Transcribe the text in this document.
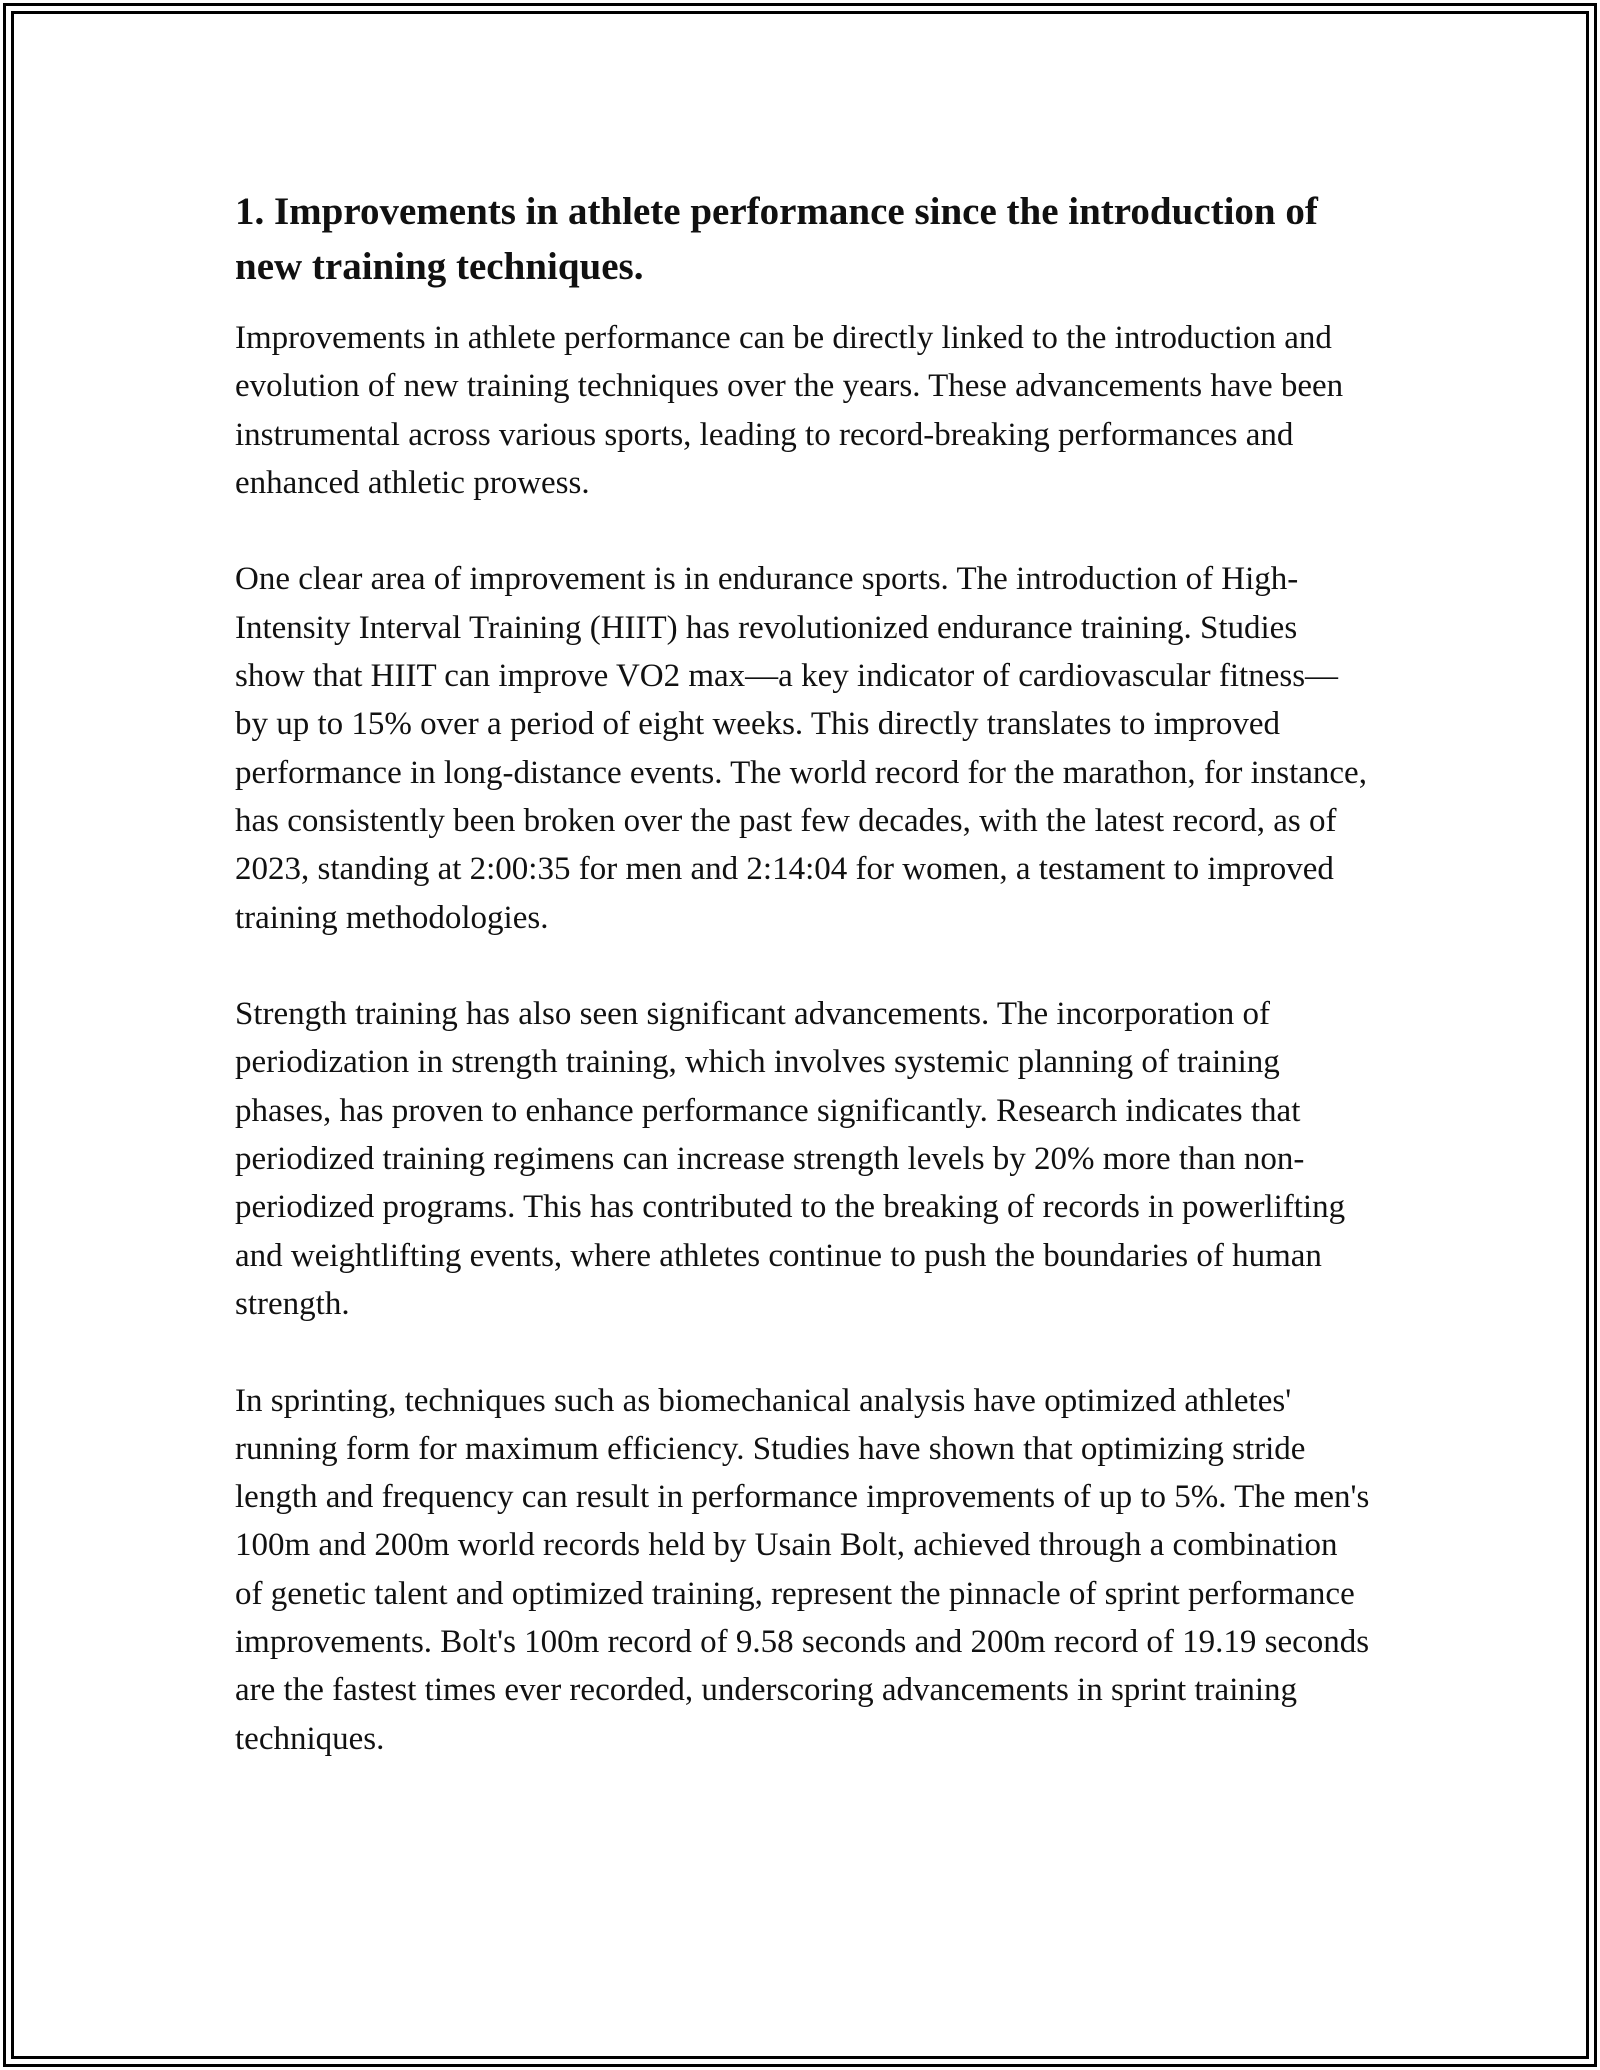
1. Improvements in athlete performance since the introduction of new training techniques.

Improvements in athlete performance can be directly linked to the introduction and evolution of new training techniques over the years. These advancements have been instrumental across various sports, leading to record-breaking performances and enhanced athletic prowess.

One clear area of improvement is in endurance sports. The introduction of High-Intensity Interval Training (HIIT) has revolutionized endurance training. Studies show that HIIT can improve VO2 max—a key indicator of cardiovascular fitness—by up to 15% over a period of eight weeks. This directly translates to improved performance in long-distance events. The world record for the marathon, for instance, has consistently been broken over the past few decades, with the latest record, as of 2023, standing at 2:00:35 for men and 2:14:04 for women, a testament to improved training methodologies.

Strength training has also seen significant advancements. The incorporation of periodization in strength training, which involves systemic planning of training phases, has proven to enhance performance significantly. Research indicates that periodized training regimens can increase strength levels by 20% more than non-periodized programs. This has contributed to the breaking of records in powerlifting and weightlifting events, where athletes continue to push the boundaries of human strength.

In sprinting, techniques such as biomechanical analysis have optimized athletes' running form for maximum efficiency. Studies have shown that optimizing stride length and frequency can result in performance improvements of up to 5%. The men's 100m and 200m world records held by Usain Bolt, achieved through a combination of genetic talent and optimized training, represent the pinnacle of sprint performance improvements. Bolt's 100m record of 9.58 seconds and 200m record of 19.19 seconds are the fastest times ever recorded, underscoring advancements in sprint training techniques.
